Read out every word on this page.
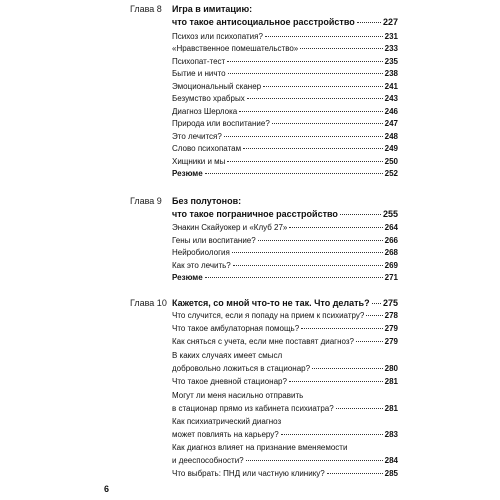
Глава 8 Игра в имитацию:
что такое антисоциальное расстройство	227
Психоз или психопатия?	231
«Нравственное помешательство»	233
Психопат-тест	235
Бытие и ничто	238
Эмоциональный сканер	241
Безумство храбрых	243
Диагноз Шерлока	246
Природа или воспитание?	247
Это лечится?	248
Слово психопатам	249
Хищники и мы	250
Резюме	252
Глава 9 Без полутонов:
что такое пограничное расстройство	255
Энакин Скайуокер и «Клуб 27»	264
Гены или воспитание?	266
Нейробиология	268
Как это лечить?	269
Резюме	271
Глава 10 Кажется, со мной что-то не так. Что делать? 275
Что случится, если я попаду на прием к психиатру?	278
Что такое амбулаторная помощь?	279
Как сняться с учета, если мне поставят диагноз?	279
В каких случаях имеет смысл
добровольно ложиться в стационар?	280
Что такое дневной стационар?	281
Могут ли меня насильно отправить
в стационар прямо из кабинета психиатра?	281
Как психиатрический диагноз
может повлиять на карьеру?	283
Как диагноз влияет на признание вменяемости
и дееспособности?	284
Что выбрать: ПНД или частную клинику?	285
6
